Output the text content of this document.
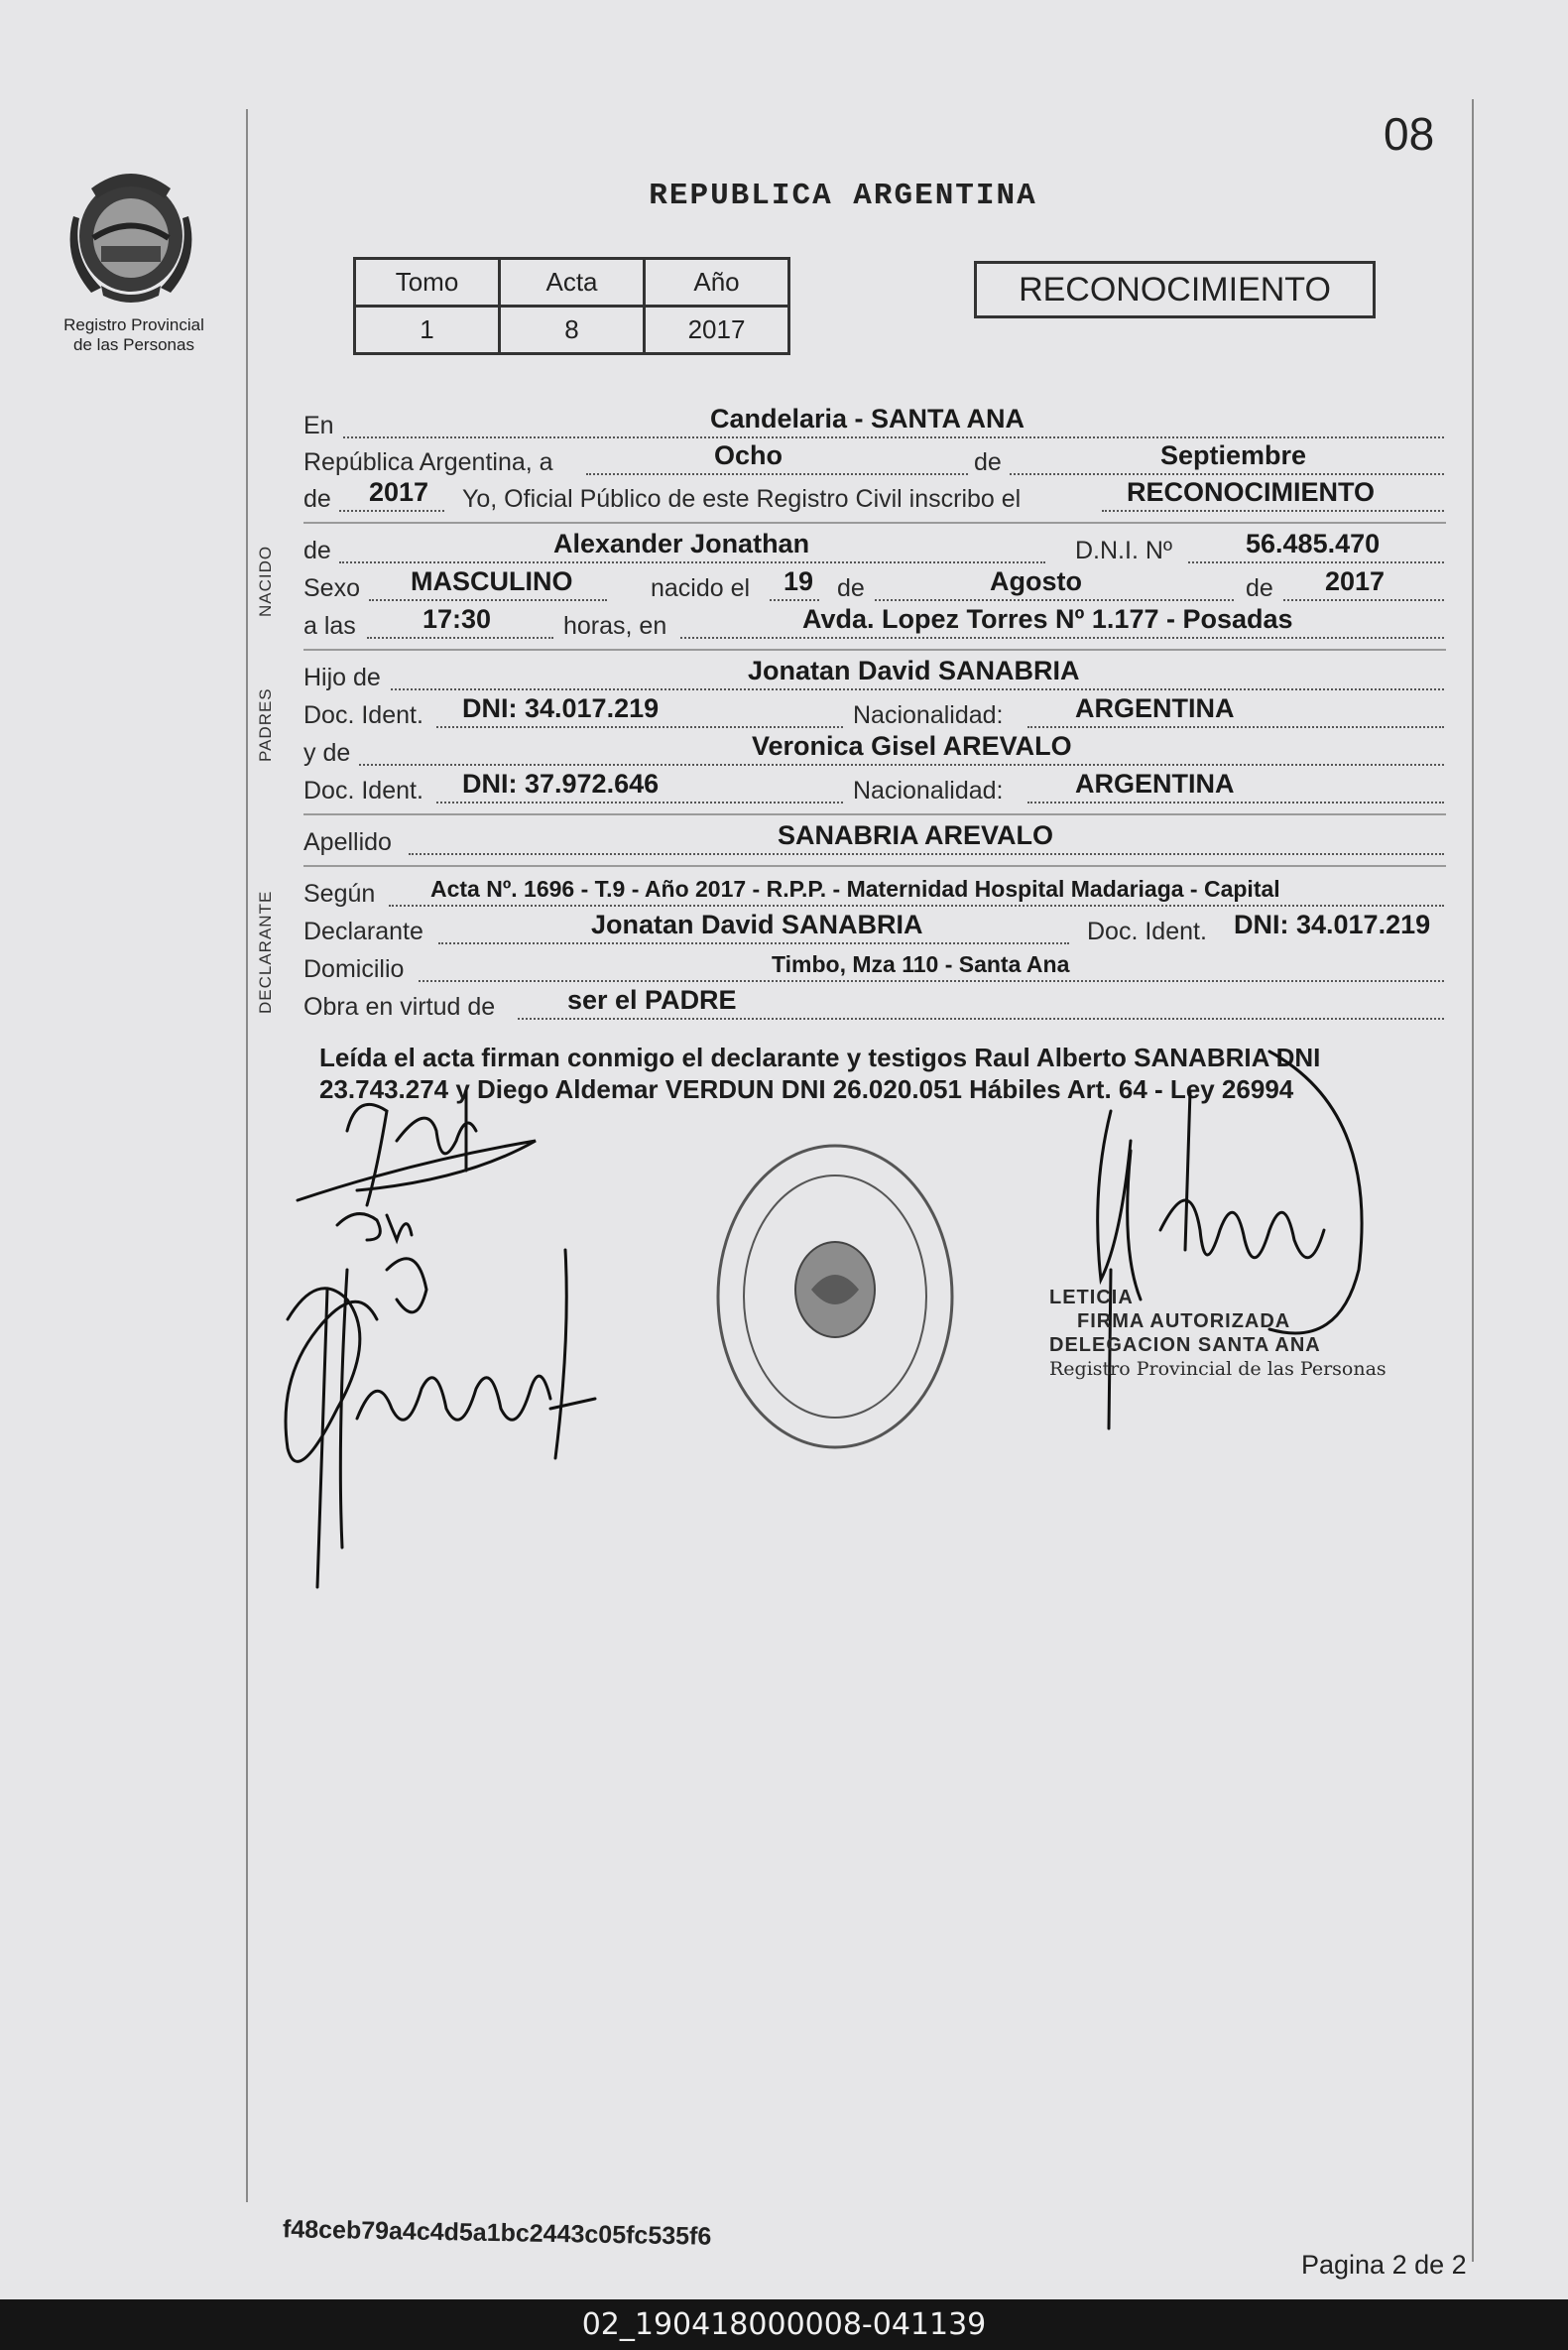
Registro Provincial
de las Personas
08
REPUBLICA ARGENTINA
Tomo	Acta	Año
1	8	2017
RECONOCIMIENTO
En	Candelaria - SANTA ANA
República Argentina, a	Ocho	de	Septiembre
de 2017 Yo, Oficial Público de este Registro Civil inscribo el	RECONOCIMIENTO
NACIDO de	Alexander Jonathan	D.N.I. Nº	56.485.470
Sexo MASCULINO	nacido el 19 de	Agosto	de 2017
a las 17:30	horas, en	Avda. Lopez Torres Nº 1.177 - Posadas
PADRES
Hijo de	Jonatan David SANABRIA
Doc. Ident. DNI: 34.017.219	Nacionalidad:	ARGENTINA
y de	Veronica Gisel AREVALO
Doc. Ident. DNI: 37.972.646	Nacionalidad:	ARGENTINA
Apellido	SANABRIA AREVALO
DECLARANTE Según Acta Nº. 1696 - T.9 - Año 2017 - R.P.P. - Maternidad Hospital Madariaga - Capital
Declarante	Jonatan David SANABRIA	Doc. Ident. DNI: 34.017.219
Domicilio	Timbo, Mza 110 - Santa Ana
Obra en virtud de	ser el PADRE
Leída el acta firman conmigo el declarante y testigos Raul Alberto SANABRIA DNI 23.743.274 y Diego Aldemar VERDUN DNI 26.020.051 Hábiles Art. 64 - Ley 26994
LETICIA
FIRMA AUTORIZADA
DELEGACION SANTA ANA
Registro Provincial de las Personas
f48ceb79a4c4d5a1bc2443c05fc535f6
Pagina 2 de 2
02_190418000008-041139
